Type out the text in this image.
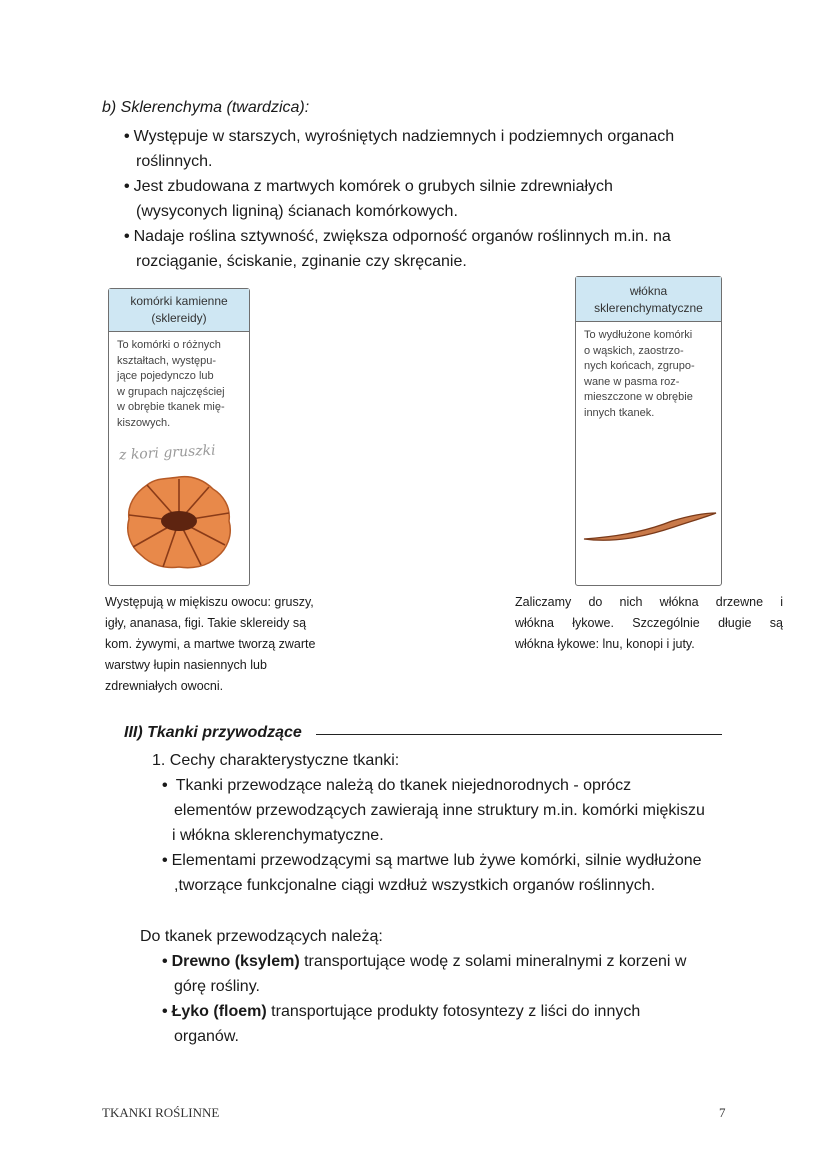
b) Sklerenchyma (twardzica):
• Występuje w starszych, wyrośniętych nadziemnych i podziemnych organach
roślinnych.
• Jest zbudowana z martwych komórek o grubych silnie zdrewniałych
(wysyconych ligniną) ścianach komórkowych.
• Nadaje roślina sztywność, zwiększa odporność organów roślinnych m.in. na
rozciąganie, ściskanie, zginanie czy skręcanie.
komórki kamienne
(sklereidy)
To komórki o różnych
kształtach, występu-
jące pojedynczo lub
w grupach najczęściej
w obrębie tkanek mię-
kiszowych.
z kori gruszki
włókna
sklerenchymatyczne
To wydłużone komórki
o wąskich, zaostrzo-
nych końcach, zgrupo-
wane w pasma roz-
mieszczone w obrębie
innych tkanek.
Występują w miękiszu owocu: gruszy,
igły, ananasa, figi. Takie sklereidy są
kom. żywymi, a martwe tworzą zwarte
warstwy łupin nasiennych lub
zdrewniałych owocni.
Zaliczamy do nich włókna drzewne i
włókna łykowe. Szczególnie długie są
włókna łykowe: lnu, konopi i juty.
III) Tkanki przywodzące
1. Cechy charakterystyczne tkanki:
• Tkanki przewodzące należą do tkanek niejednorodnych - oprócz
elementów przewodzących zawierają inne struktury m.in. komórki miękiszu
i włókna sklerenchymatyczne.
• Elementami przewodzącymi są martwe lub żywe komórki, silnie wydłużone
,tworzące funkcjonalne ciągi wzdłuż wszystkich organów roślinnych.
Do tkanek przewodzących należą:
• Drewno (ksylem) transportujące wodę z solami mineralnymi z korzeni w
górę rośliny.
• Łyko (floem) transportujące produkty fotosyntezy z liści do innych
organów.
TKANKI ROŚLINNE	7
